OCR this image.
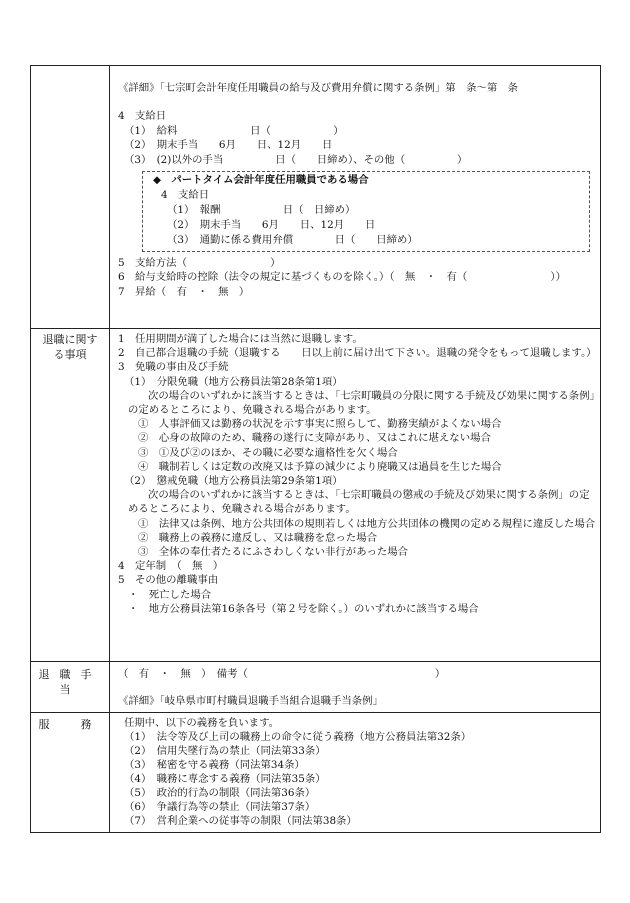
《詳細》「七宗町会計年度任用職員の給与及び費用弁償に関する条例」第　条～第　条
4　支給日
（1）　給料　　　　　　　日（　　　　　　）
（2）　期末手当　　6月　　日、12月　　日
（3）　(2)以外の手当　　　　　日（　　日締め）、その他（　　　　　）
◆　パートタイム会計年度任用職員である場合
4　支給日
（1）　報酬　　　　　　日（　日締め）
（2）　期末手当　　6月　　日、12月　　日
（3）　通勤に係る費用弁償　　　　日（　　日締め）
5　支給方法（　　　　　　　　）
6　給与支給時の控除（法令の規定に基づくものを除く。）（　無　・　有（　　　　　　　　））
7　昇給（　有　・　無　）
退職に関する事項
1　任用期間が満了した場合には当然に退職します。
2　自己都合退職の手続（退職する　　日以上前に届け出て下さい。退職の発令をもって退職します。）
3　免職の事由及び手続
（1）　分限免職（地方公務員法第28条第1項）
次の場合のいずれかに該当するときは、「七宗町職員の分限に関する手続及び効果に関する条例」の定めるところにより、免職される場合があります。
①　人事評価又は勤務の状況を示す事実に照らして、勤務実績がよくない場合
②　心身の故障のため、職務の遂行に支障があり、又はこれに堪えない場合
③　①及び②のほか、その職に必要な適格性を欠く場合
④　職制若しくは定数の改廃又は予算の減少により廃職又は過員を生じた場合
（2）　懲戒免職（地方公務員法第29条第1項）
次の場合のいずれかに該当するときは、「七宗町職員の懲戒の手続及び効果に関する条例」の定めるところにより、免職される場合があります。
①　法律又は条例、地方公共団体の規則若しくは地方公共団体の機関の定める規程に違反した場合
②　職務上の義務に違反し、又は職務を怠った場合
③　全体の奉仕者たるにふさわしくない非行があった場合
4　定年制　（　無　）
5　その他の離職事由
・　死亡した場合
・　地方公務員法第16条各号（第２号を除く。）のいずれかに該当する場合
退職手当
（　有　・　無　）　備考（　　　　　　　　　　　　　　　　　　）
《詳細》「岐阜県市町村職員退職手当組合退職手当条例」
服　務	任期中、以下の義務を負います。
（1）　法令等及び上司の職務上の命令に従う義務（地方公務員法第32条）
（2）　信用失墜行為の禁止（同法第33条）
（3）　秘密を守る義務（同法第34条）
（4）　職務に専念する義務（同法第35条）
（5）　政治的行為の制限（同法第36条）
（6）　争議行為等の禁止（同法第37条）
（7）　営利企業への従事等の制限（同法第38条）
